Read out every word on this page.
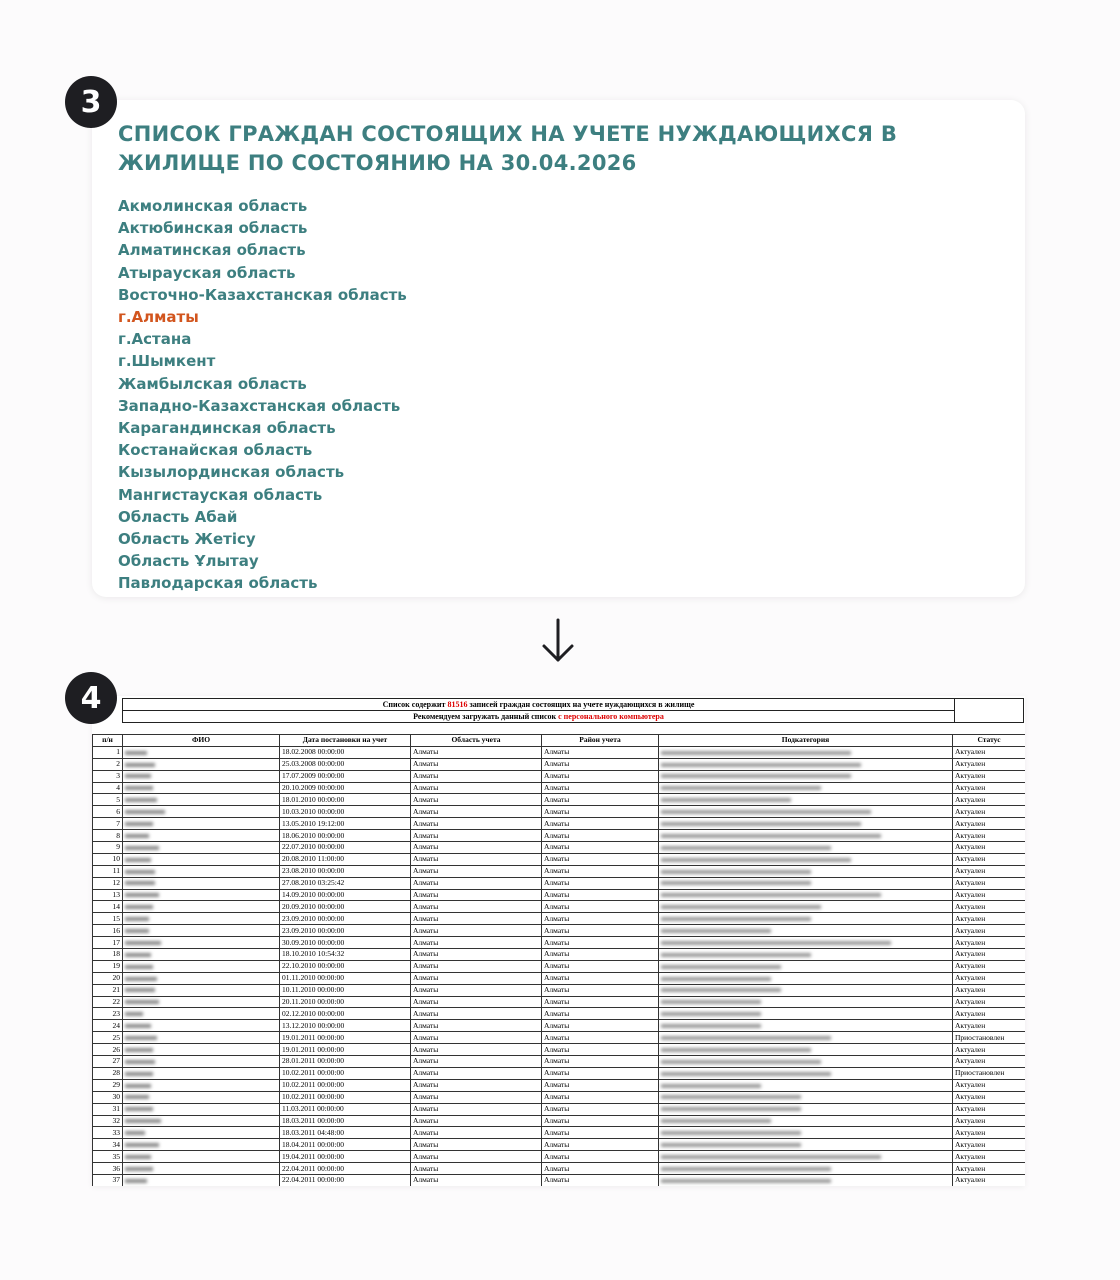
3
СПИСОК ГРАЖДАН СОСТОЯЩИХ НА УЧЕТЕ НУЖДАЮЩИХСЯ В ЖИЛИЩЕ ПО СОСТОЯНИЮ НА 30.04.2026
Акмолинская область
Актюбинская область
Алматинская область
Атырауская область
Восточно-Казахстанская область
г.Алматы
г.Астана
г.Шымкент
Жамбылская область
Западно-Казахстанская область
Карагандинская область
Костанайская область
Кызылординская область
Мангистауская область
Область Абай
Область Жетісу
Область Ұлытау
Павлодарская область
4	Список содержит 81516 записей граждан состоящих на учете нуждающихся в жилище
Рекомендуем загружать данный список с персонального компьютера
п/н	ФИО	Дата постановки на учет	Область учета	Район учета	Подкатегория	Статус
1		18.02.2008 00:00:00	Алматы	Алматы		Актуален
2		25.03.2008 00:00:00	Алматы	Алматы		Актуален
3		17.07.2009 00:00:00	Алматы	Алматы		Актуален
4		20.10.2009 00:00:00	Алматы	Алматы		Актуален
5		18.01.2010 00:00:00	Алматы	Алматы		Актуален
6		10.03.2010 00:00:00	Алматы	Алматы		Актуален
7		13.05.2010 19:12:00	Алматы	Алматы		Актуален
8		18.06.2010 00:00:00	Алматы	Алматы		Актуален
9		22.07.2010 00:00:00	Алматы	Алматы		Актуален
10		20.08.2010 11:00:00	Алматы	Алматы		Актуален
11		23.08.2010 00:00:00	Алматы	Алматы		Актуален
12		27.08.2010 03:25:42	Алматы	Алматы		Актуален
13		14.09.2010 00:00:00	Алматы	Алматы		Актуален
14		20.09.2010 00:00:00	Алматы	Алматы		Актуален
15		23.09.2010 00:00:00	Алматы	Алматы		Актуален
16		23.09.2010 00:00:00	Алматы	Алматы		Актуален
17		30.09.2010 00:00:00	Алматы	Алматы		Актуален
18		18.10.2010 10:54:32	Алматы	Алматы		Актуален
19		22.10.2010 00:00:00	Алматы	Алматы		Актуален
20		01.11.2010 00:00:00	Алматы	Алматы		Актуален
21		10.11.2010 00:00:00	Алматы	Алматы		Актуален
22		20.11.2010 00:00:00	Алматы	Алматы		Актуален
23		02.12.2010 00:00:00	Алматы	Алматы		Актуален
24		13.12.2010 00:00:00	Алматы	Алматы		Актуален
25		19.01.2011 00:00:00	Алматы	Алматы		Приостановлен
26		19.01.2011 00:00:00	Алматы	Алматы		Актуален
27		28.01.2011 00:00:00	Алматы	Алматы		Актуален
28		10.02.2011 00:00:00	Алматы	Алматы		Приостановлен
29		10.02.2011 00:00:00	Алматы	Алматы		Актуален
30		10.02.2011 00:00:00	Алматы	Алматы		Актуален
31		11.03.2011 00:00:00	Алматы	Алматы		Актуален
32		18.03.2011 00:00:00	Алматы	Алматы		Актуален
33		18.03.2011 04:48:00	Алматы	Алматы		Актуален
34		18.04.2011 00:00:00	Алматы	Алматы		Актуален
35		19.04.2011 00:00:00	Алматы	Алматы		Актуален
36		22.04.2011 00:00:00	Алматы	Алматы		Актуален
37		22.04.2011 00:00:00	Алматы	Алматы		Актуален
